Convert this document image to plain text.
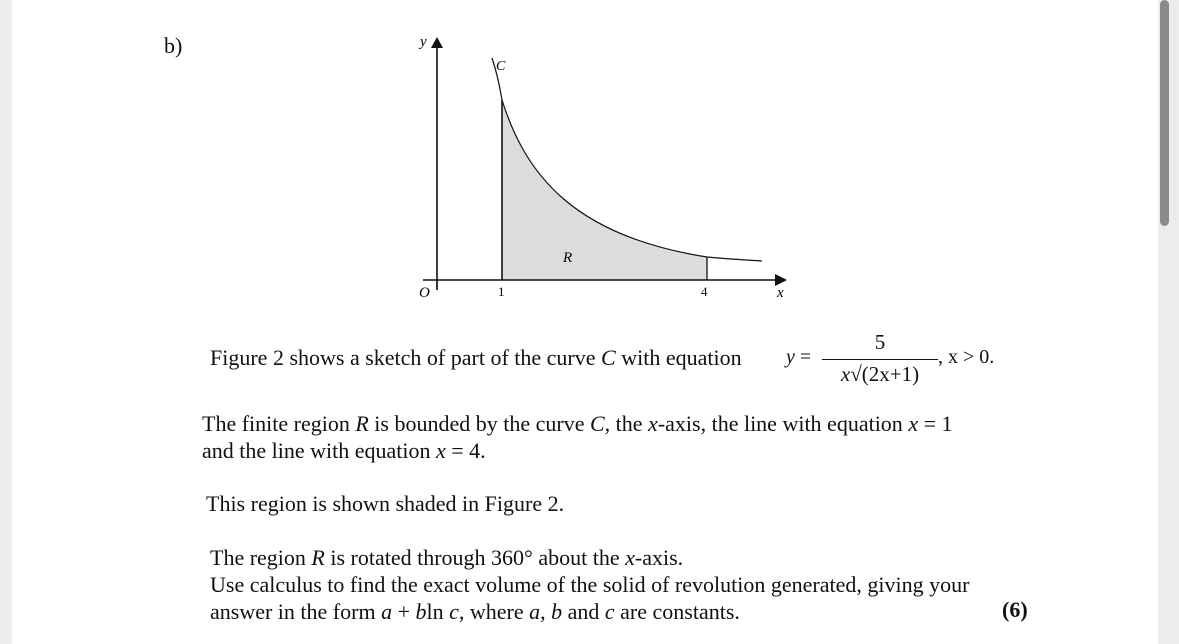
b)	y
x
O
C
R
1	4
Figure 2 shows a sketch of part of the curve C with equation y =
5
x√(2x+1)
, x > 0.
The finite region R is bounded by the curve C, the x-axis, the line with equation x = 1
and the line with equation x = 4.
This region is shown shaded in Figure 2.
The region R is rotated through 360° about the x-axis.
Use calculus to find the exact volume of the solid of revolution generated, giving your
answer in the form a + bln c, where a, b and c are constants.	(6)
